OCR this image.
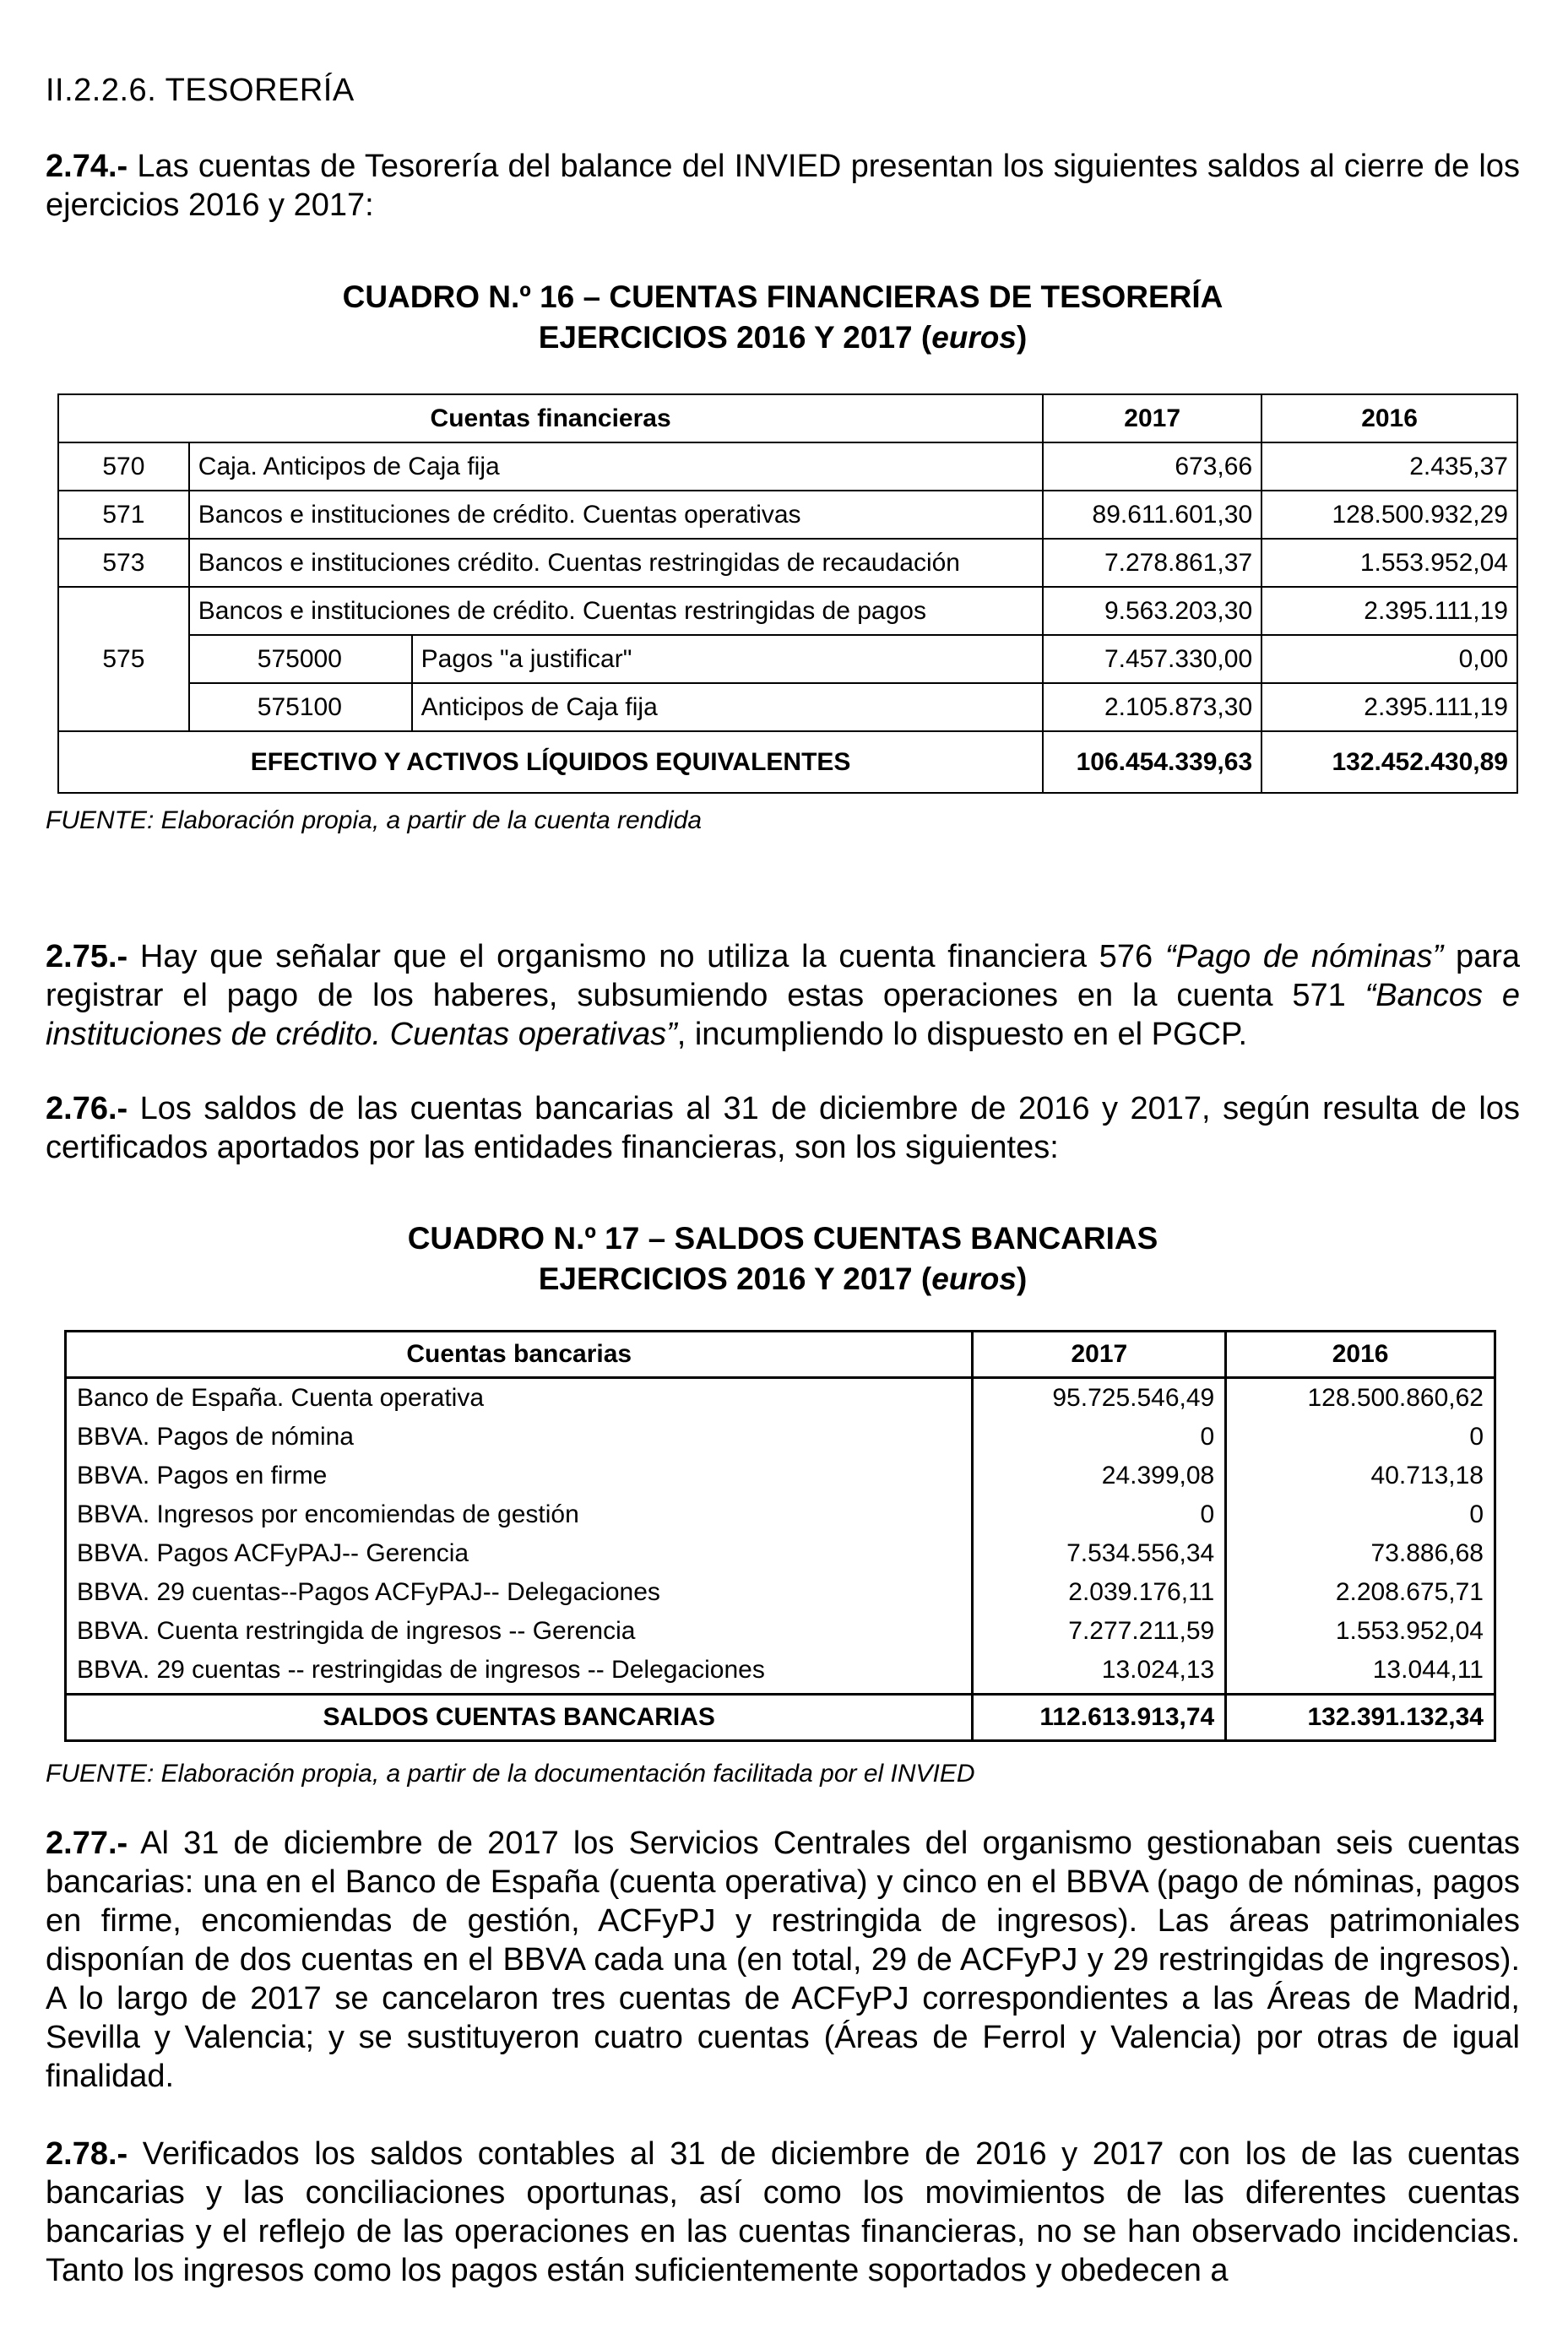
II.2.2.6. TESORERÍA

2.74.- Las cuentas de Tesorería del balance del INVIED presentan los siguientes saldos al cierre de los ejercicios 2016 y 2017:

CUADRO N.º 16 – CUENTAS FINANCIERAS DE TESORERÍA
EJERCICIOS 2016 Y 2017 (euros)
Cuentas financieras			2017	2016
570	Caja. Anticipos de Caja fija		673,66	2.435,37
571	Bancos e instituciones de crédito. Cuentas operativas		89.611.601,30	128.500.932,29
573	Bancos e instituciones crédito. Cuentas restringidas de recaudación		7.278.861,37	1.553.952,04
575	Bancos e instituciones de crédito. Cuentas restringidas de pagos		9.563.203,30	2.395.111,19
	575000	Pagos "a justificar"	7.457.330,00	0,00
	575100	Anticipos de Caja fija	2.105.873,30	2.395.111,19
EFECTIVO Y ACTIVOS LÍQUIDOS EQUIVALENTES			106.454.339,63	132.452.430,89
FUENTE: Elaboración propia, a partir de la cuenta rendida

2.75.- Hay que señalar que el organismo no utiliza la cuenta financiera 576 “Pago de nóminas” para registrar el pago de los haberes, subsumiendo estas operaciones en la cuenta 571 “Bancos e instituciones de crédito. Cuentas operativas”, incumpliendo lo dispuesto en el PGCP.

2.76.- Los saldos de las cuentas bancarias al 31 de diciembre de 2016 y 2017, según resulta de los certificados aportados por las entidades financieras, son los siguientes:

CUADRO N.º 17 – SALDOS CUENTAS BANCARIAS
EJERCICIOS 2016 Y 2017 (euros)
Cuentas bancarias	2017	2016
Banco de España. Cuenta operativa	95.725.546,49	128.500.860,62
BBVA. Pagos de nómina	0	0
BBVA. Pagos en firme	24.399,08	40.713,18
BBVA. Ingresos por encomiendas de gestión	0	0
BBVA. Pagos ACFyPAJ-- Gerencia	7.534.556,34	73.886,68
BBVA. 29 cuentas--Pagos ACFyPAJ-- Delegaciones	2.039.176,11	2.208.675,71
BBVA. Cuenta restringida de ingresos -- Gerencia	7.277.211,59	1.553.952,04
BBVA. 29 cuentas -- restringidas de ingresos -- Delegaciones	13.024,13	13.044,11
SALDOS CUENTAS BANCARIAS	112.613.913,74	132.391.132,34
FUENTE: Elaboración propia, a partir de la documentación facilitada por el INVIED

2.77.- Al 31 de diciembre de 2017 los Servicios Centrales del organismo gestionaban seis cuentas bancarias: una en el Banco de España (cuenta operativa) y cinco en el BBVA (pago de nóminas, pagos en firme, encomiendas de gestión, ACFyPJ y restringida de ingresos). Las áreas patrimoniales disponían de dos cuentas en el BBVA cada una (en total, 29 de ACFyPJ y 29 restringidas de ingresos). A lo largo de 2017 se cancelaron tres cuentas de ACFyPJ correspondientes a las Áreas de Madrid, Sevilla y Valencia; y se sustituyeron cuatro cuentas (Áreas de Ferrol y Valencia) por otras de igual finalidad.

2.78.- Verificados los saldos contables al 31 de diciembre de 2016 y 2017 con los de las cuentas bancarias y las conciliaciones oportunas, así como los movimientos de las diferentes cuentas bancarias y el reflejo de las operaciones en las cuentas financieras, no se han observado incidencias. Tanto los ingresos como los pagos están suficientemente soportados y obedecen a
